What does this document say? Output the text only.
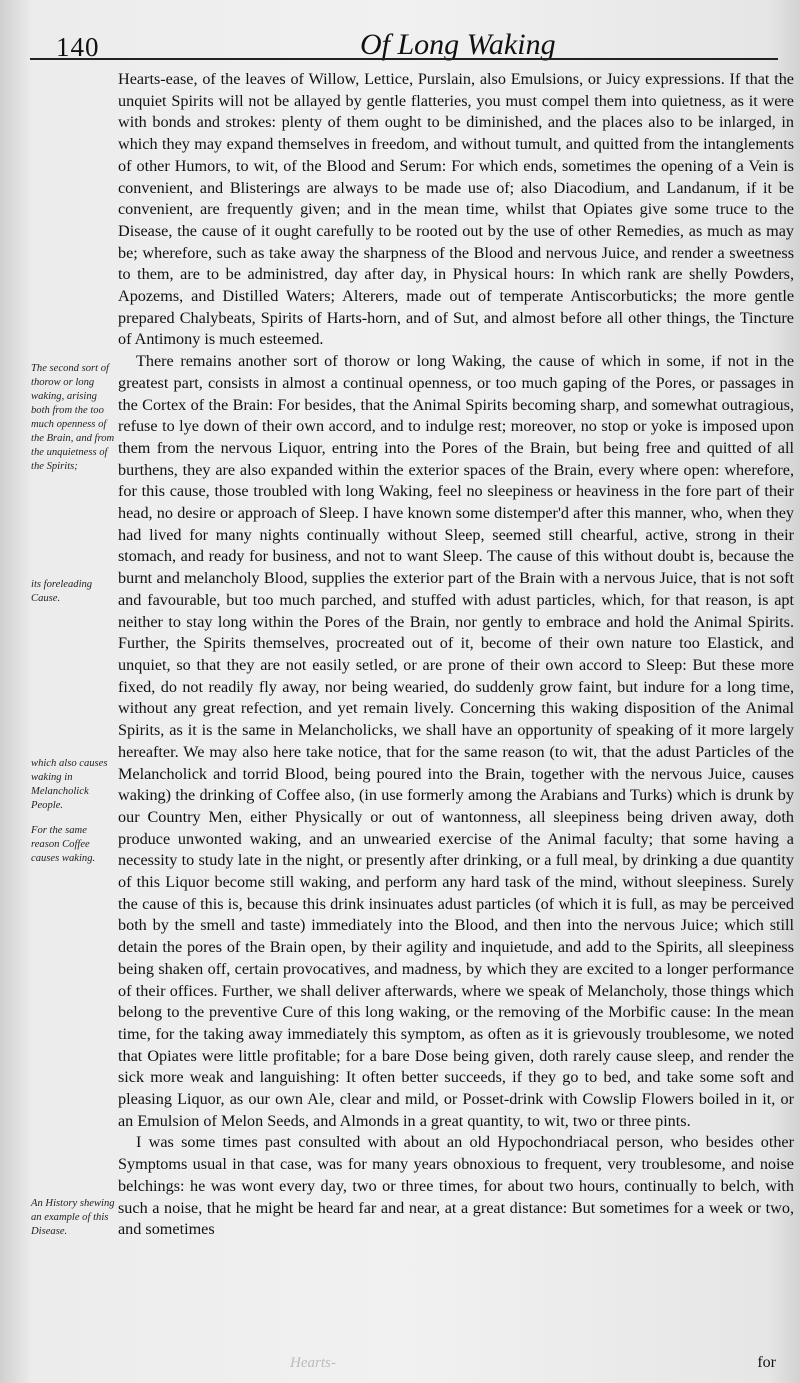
140	Of Long Waking
The second sort of thorow or long waking, arising both from the too much openness of the Brain, and from the unquietness of the Spirits;
its foreleading Cause.
which also causes waking in Melancholick People.
For the same reason Coffee causes waking.
An History shewing an example of this Disease.

Hearts-ease, of the leaves of Willow, Lettice, Purslain, also Emulsions, or Juicy expressions. If that the unquiet Spirits will not be allayed by gentle flatteries, you must compel them into quietness, as it were with bonds and strokes: plenty of them ought to be diminished, and the places also to be inlarged, in which they may expand themselves in freedom, and without tumult, and quitted from the intanglements of other Humors, to wit, of the Blood and Serum: For which ends, sometimes the opening of a Vein is convenient, and Blisterings are always to be made use of; also Diacodium, and Landanum, if it be convenient, are frequently given; and in the mean time, whilst that Opiates give some truce to the Disease, the cause of it ought carefully to be rooted out by the use of other Remedies, as much as may be; wherefore, such as take away the sharpness of the Blood and nervous Juice, and render a sweetness to them, are to be administred, day after day, in Physical hours: In which rank are shelly Powders, Apozems, and Distilled Waters; Alterers, made out of temperate Antiscorbuticks; the more gentle prepared Chalybeats, Spirits of Harts-horn, and of Sut, and almost before all other things, the Tincture of Antimony is much esteemed.

There remains another sort of thorow or long Waking, the cause of which in some, if not in the greatest part, consists in almost a continual openness, or too much gaping of the Pores, or passages in the Cortex of the Brain: For besides, that the Animal Spirits becoming sharp, and somewhat outragious, refuse to lye down of their own accord, and to indulge rest; moreover, no stop or yoke is imposed upon them from the nervous Liquor, entring into the Pores of the Brain, but being free and quitted of all burthens, they are also expanded within the exterior spaces of the Brain, every where open: wherefore, for this cause, those troubled with long Waking, feel no sleepiness or heaviness in the fore part of their head, no desire or approach of Sleep. I have known some distemper'd after this manner, who, when they had lived for many nights continually without Sleep, seemed still chearful, active, strong in their stomach, and ready for business, and not to want Sleep. The cause of this without doubt is, because the burnt and melancholy Blood, supplies the exterior part of the Brain with a nervous Juice, that is not soft and favourable, but too much parched, and stuffed with adust particles, which, for that reason, is apt neither to stay long within the Pores of the Brain, nor gently to embrace and hold the Animal Spirits. Further, the Spirits themselves, procreated out of it, become of their own nature too Elastick, and unquiet, so that they are not easily setled, or are prone of their own accord to Sleep: But these more fixed, do not readily fly away, nor being wearied, do suddenly grow faint, but indure for a long time, without any great refection, and yet remain lively. Concerning this waking disposition of the Animal Spirits, as it is the same in Melancholicks, we shall have an opportunity of speaking of it more largely hereafter. We may also here take notice, that for the same reason (to wit, that the adust Particles of the Melancholick and torrid Blood, being poured into the Brain, together with the nervous Juice, causes waking) the drinking of Coffee also, (in use formerly among the Arabians and Turks) which is drunk by our Country Men, either Physically or out of wantonness, all sleepiness being driven away, doth produce unwonted waking, and an unwearied exercise of the Animal faculty; that some having a necessity to study late in the night, or presently after drinking, or a full meal, by drinking a due quantity of this Liquor become still waking, and perform any hard task of the mind, without sleepiness. Surely the cause of this is, because this drink insinuates adust particles (of which it is full, as may be perceived both by the smell and taste) immediately into the Blood, and then into the nervous Juice; which still detain the pores of the Brain open, by their agility and inquietude, and add to the Spirits, all sleepiness being shaken off, certain provocatives, and madness, by which they are excited to a longer performance of their offices. Further, we shall deliver afterwards, where we speak of Melancholy, those things which belong to the preventive Cure of this long waking, or the removing of the Morbific cause: In the mean time, for the taking away immediately this symptom, as often as it is grievously troublesome, we noted that Opiates were little profitable; for a bare Dose being given, doth rarely cause sleep, and render the sick more weak and languishing: It often better succeeds, if they go to bed, and take some soft and pleasing Liquor, as our own Ale, clear and mild, or Posset-drink with Cowslip Flowers boiled in it, or an Emulsion of Melon Seeds, and Almonds in a great quantity, to wit, two or three pints.

I was some times past consulted with about an old Hypochondriacal person, who besides other Symptoms usual in that case, was for many years obnoxious to frequent, very troublesome, and noise belchings: he was wont every day, two or three times, for about two hours, continually to belch, with such a noise, that he might be heard far and near, at a great distance: But sometimes for a week or two, and sometimes

Hearts-	for
